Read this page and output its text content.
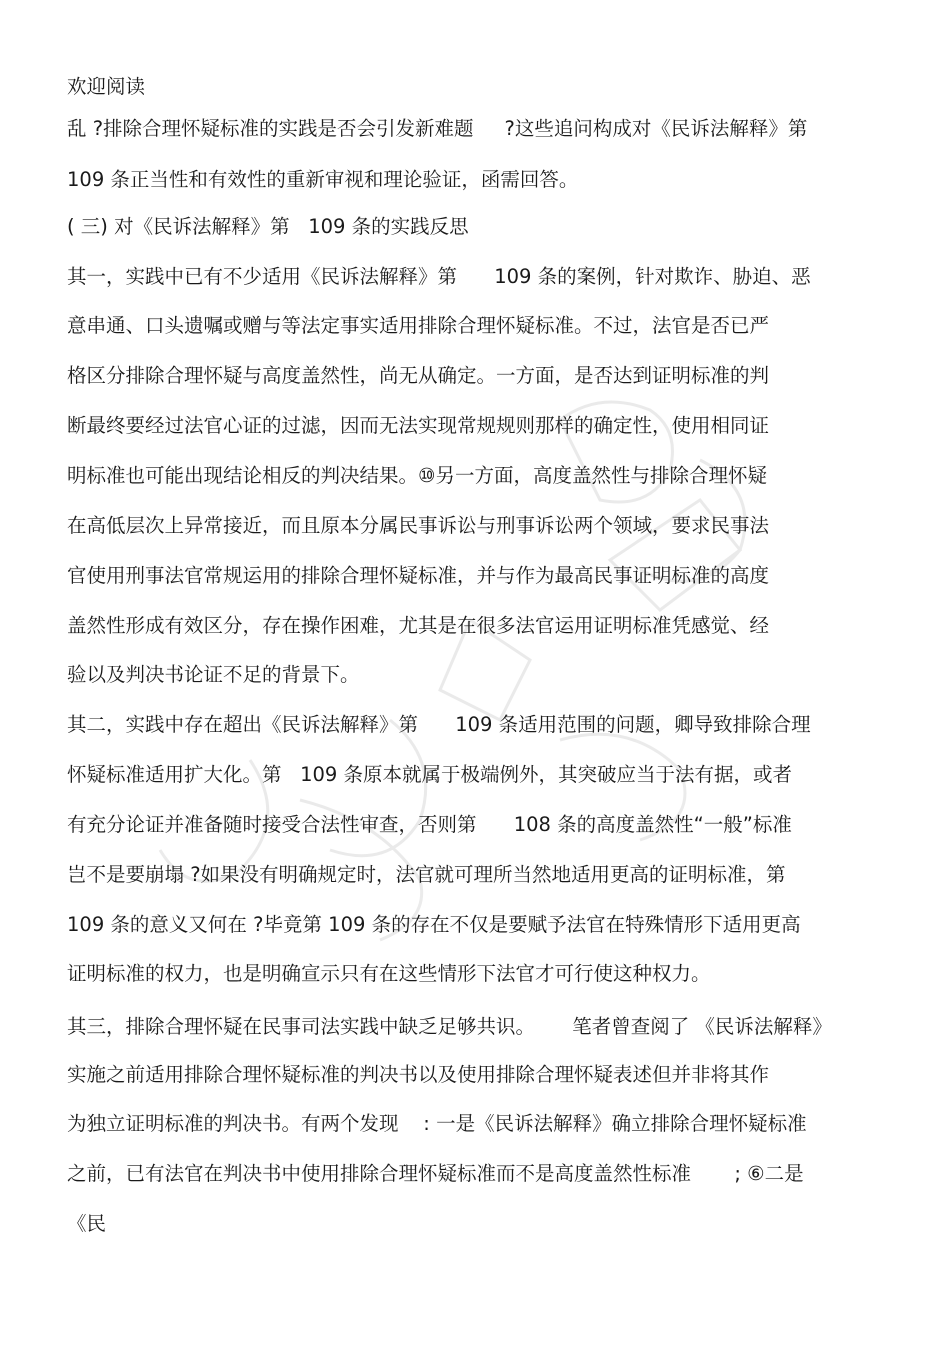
欢迎阅读
乱 ?排除合理怀疑标准的实践是否会引发新难题     ?这些追问构成对《民诉法解释》第
109 条正当性和有效性的重新审视和理论验证，函需回答。
( 三) 对《民诉法解释》第   109 条的实践反思
其一，实践中已有不少适用《民诉法解释》第      109 条的案例，针对欺诈、胁迫、恶
意串通、口头遗嘱或赠与等法定事实适用排除合理怀疑标准。不过，法官是否已严
格区分排除合理怀疑与高度盖然性，尚无从确定。一方面，是否达到证明标准的判
断最终要经过法官心证的过滤，因而无法实现常规规则那样的确定性，使用相同证
明标准也可能出现结论相反的判决结果。⑩另一方面，高度盖然性与排除合理怀疑
在高低层次上异常接近，而且原本分属民事诉讼与刑事诉讼两个领域，要求民事法
官使用刑事法官常规运用的排除合理怀疑标准，并与作为最高民事证明标准的高度
盖然性形成有效区分，存在操作困难，尤其是在很多法官运用证明标准凭感觉、经
验以及判决书论证不足的背景下。
其二，实践中存在超出《民诉法解释》第      109 条适用范围的问题，卿导致排除合理
怀疑标准适用扩大化。第   109 条原本就属于极端例外，其突破应当于法有据，或者
有充分论证并准备随时接受合法性审查，否则第      108 条的高度盖然性“一般”标准
岂不是要崩塌 ?如果没有明确规定时，法官就可理所当然地适用更高的证明标准，第
109 条的意义又何在 ?毕竟第 109 条的存在不仅是要赋予法官在特殊情形下适用更高
证明标准的权力，也是明确宣示只有在这些情形下法官才可行使这种权力。
其三，排除合理怀疑在民事司法实践中缺乏足够共识。      笔者曾查阅了 《民诉法解释》
实施之前适用排除合理怀疑标准的判决书以及使用排除合理怀疑表述但并非将其作
为独立证明标准的判决书。有两个发现    : 一是《民诉法解释》确立排除合理怀疑标准
之前，已有法官在判决书中使用排除合理怀疑标准而不是高度盖然性标准       ; ⑥二是
《民
